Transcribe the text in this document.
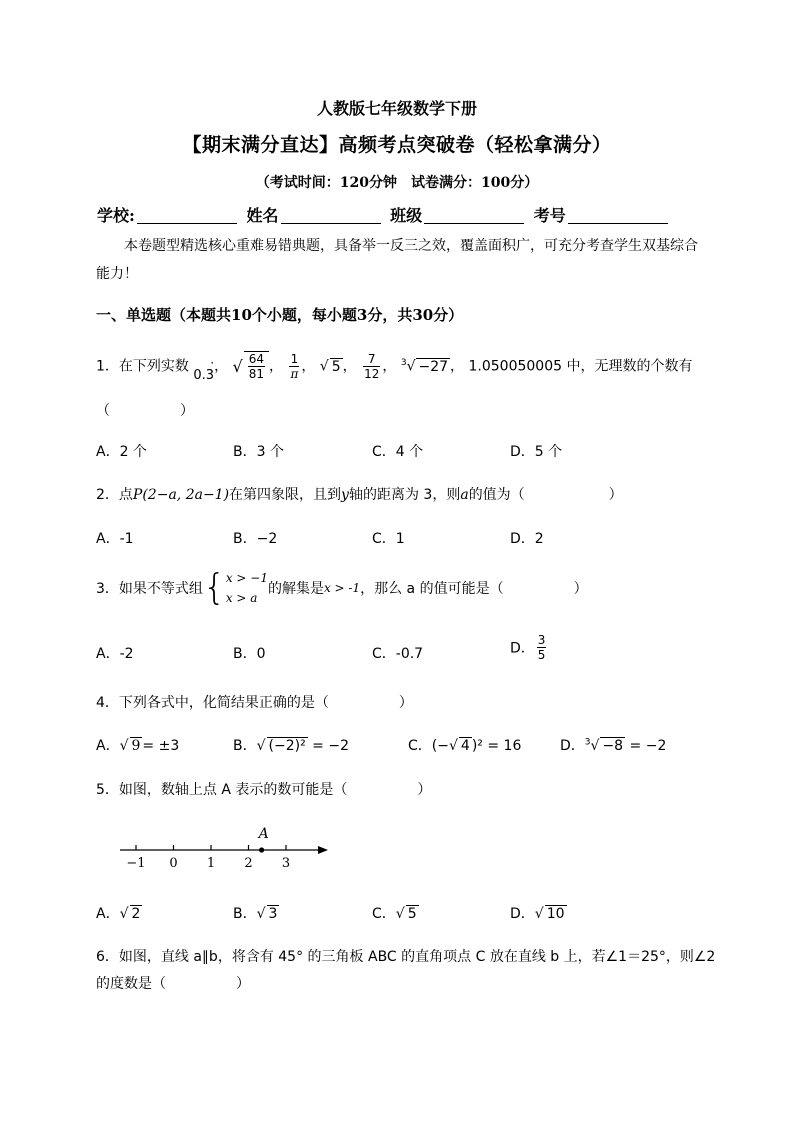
人教版七年级数学下册
【期末满分直达】高频考点突破卷（轻松拿满分）
（考试时间：120分钟　试卷满分：100分）
学校:	姓名	班级	考号
本卷题型精选核心重难易错典题，具备举一反三之效，覆盖面积广，可充分考查学生双基综合
能力！
一、单选题（本题共10个小题，每小题3分，共30分）
1．在下列实数 0.3
· ， √ $\frac{64}{81}$ ， $\frac{1}{\pi}$ ， √ 5 ， $\frac{7}{12}$ ， $^3$√ −27 ， 1.050050005 中，无理数的个数有
（　　　　　）
A．2 个	B．3 个	C．4 个	D．5 个
2．点P(2−a, 2a−1)在第四象限，且到y轴的距离为 3，则a的值为（　　　　　　）
A．-1	B．−2	C．1	D．2
3．如果不等式组{ x > −1
x > a
的解集是x > -1，那么 a 的值可能是（　　　　　）
A．-2	B．0	C．-0.7	D． $\frac{3}{5}$
4．下列各式中，化简结果正确的是（　　　　　）
A．√ 9 = ±3	B．√ (−2)² = −2	C．(−√ 4 )² = 16	D．$^3$√ −8 = −2
5．如图，数轴上点 A 表示的数可能是（　　　　　）
−1 0 1 2 3
A
A．√ 2	B．√ 3	C．√ 5	D．√ 10
6．如图，直线 a∥b，将含有 45° 的三角板 ABC 的直角项点 C 放在直线 b 上，若∠1＝25°，则∠2
的度数是（　　　　　）
